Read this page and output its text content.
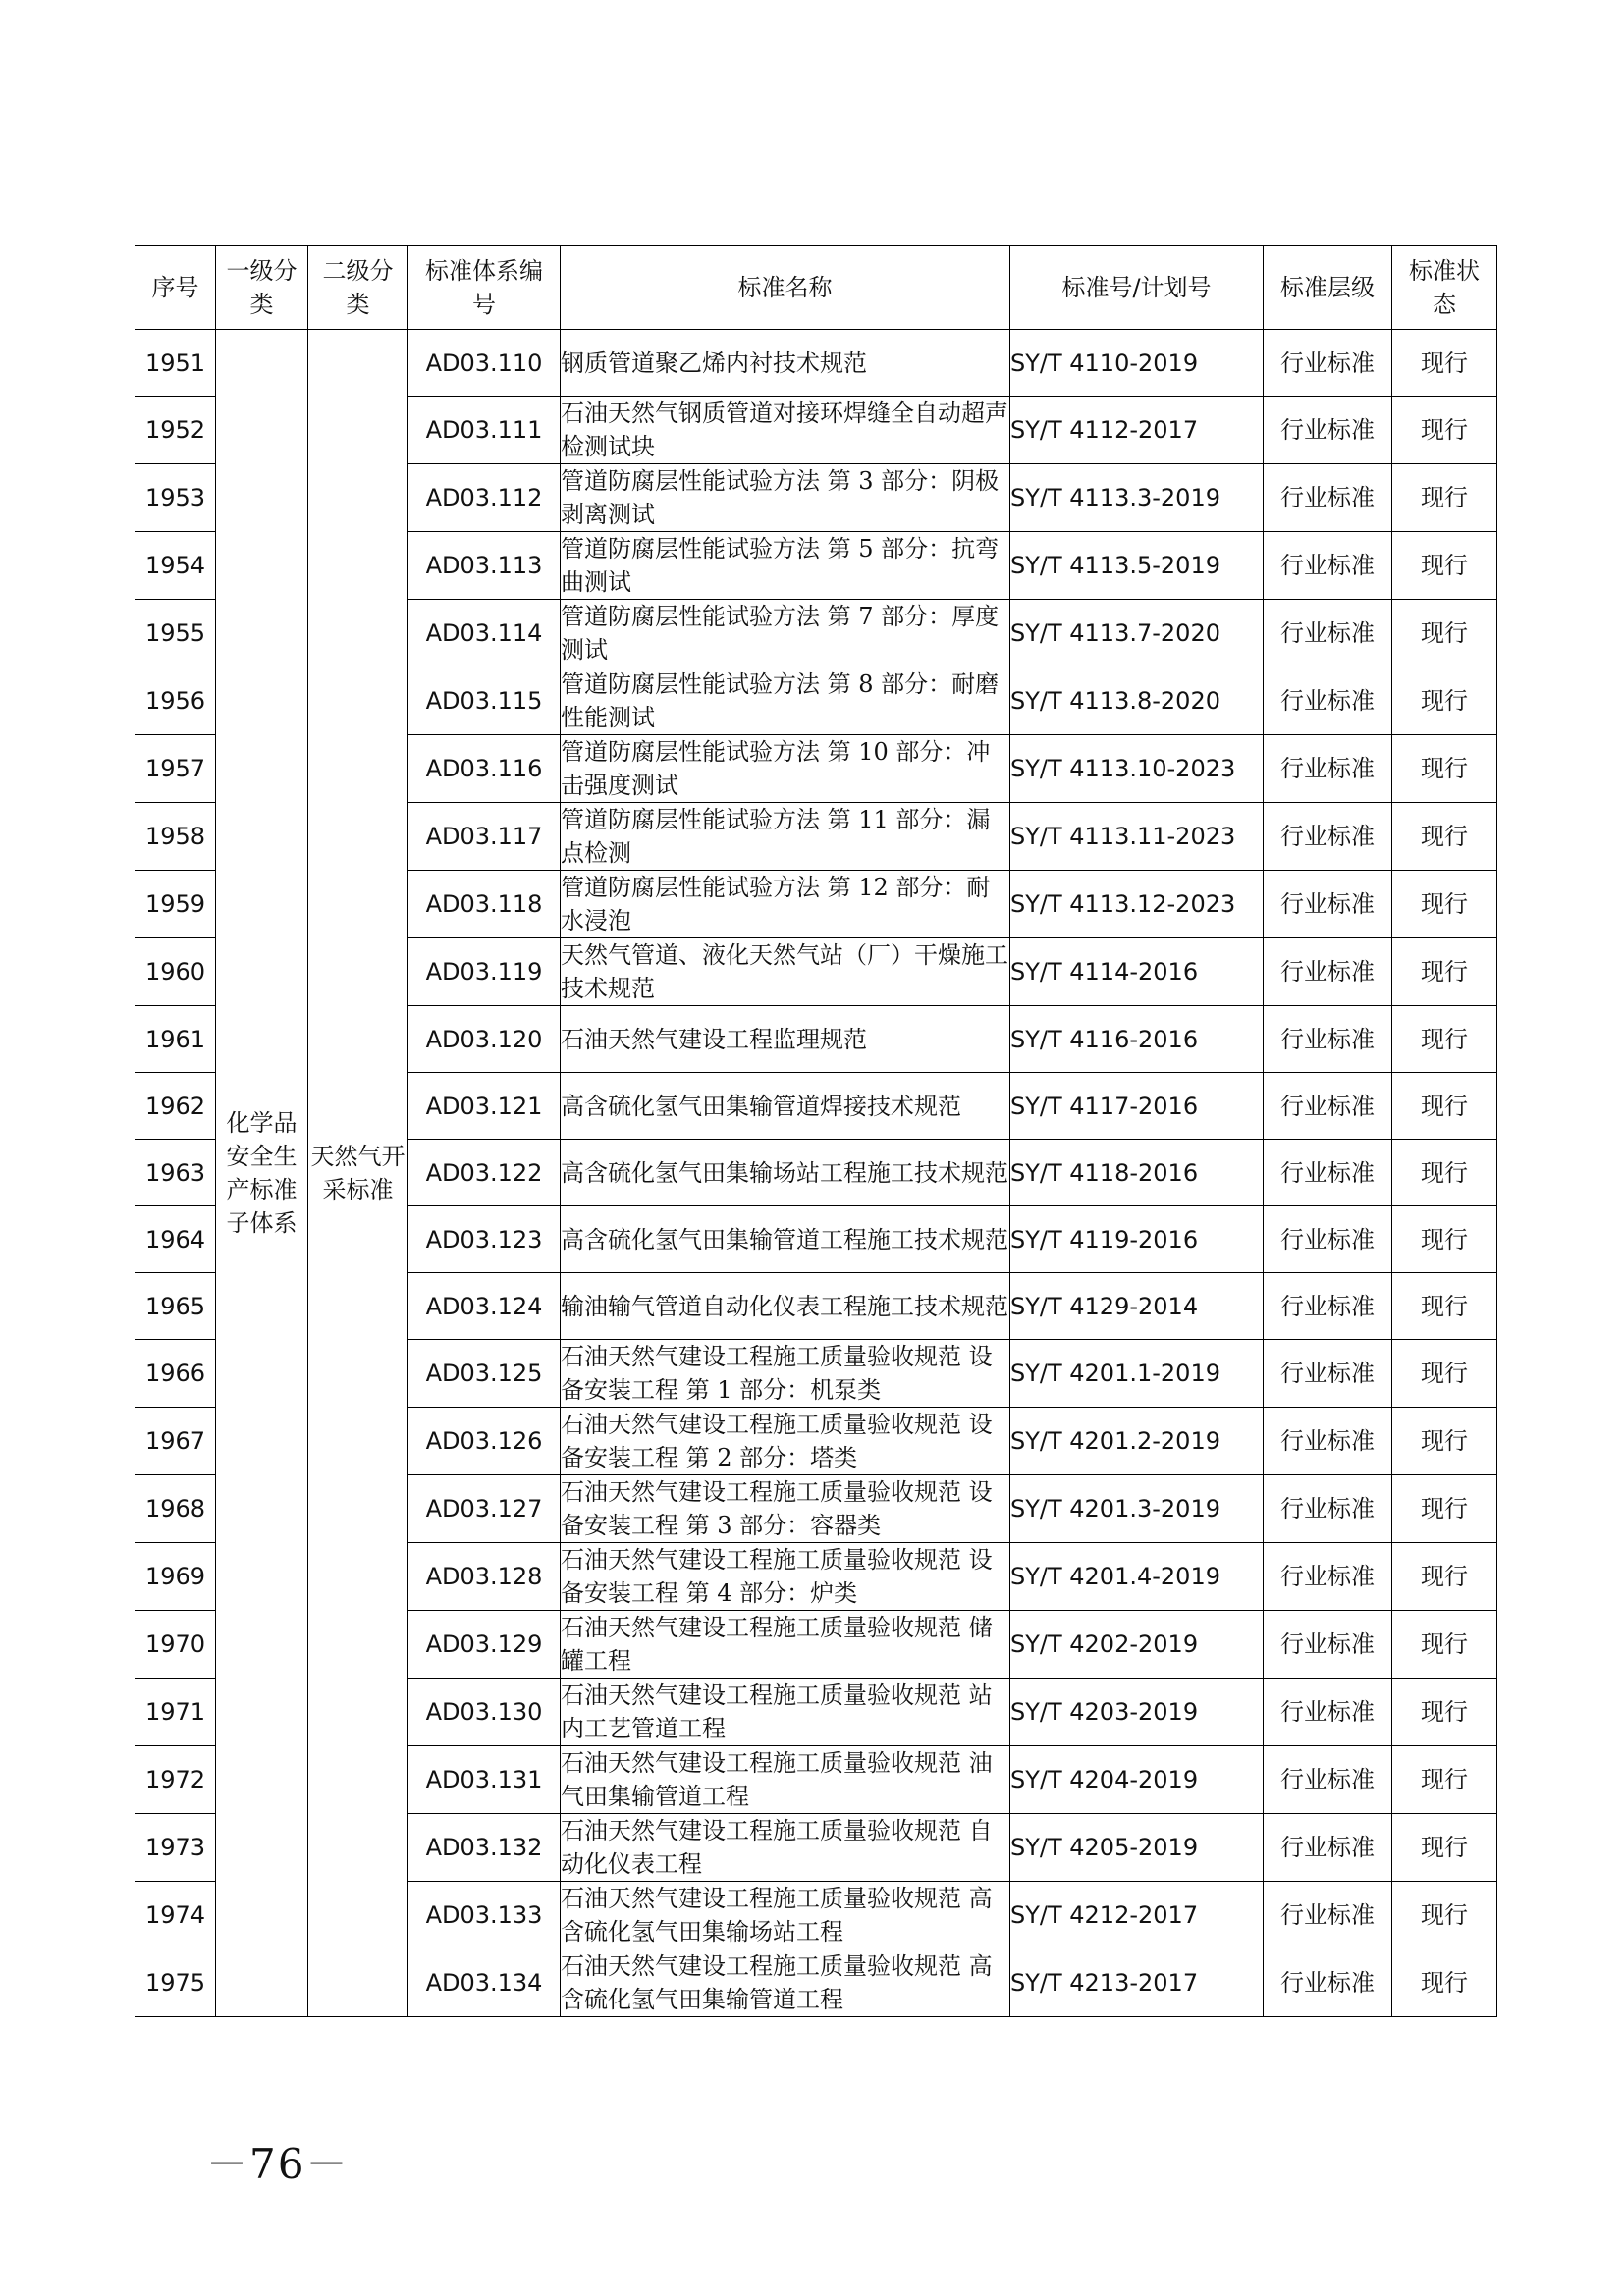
序号	一级分类	二级分类	标准体系编号	标准名称	标准号/计划号	标准层级	标准状态
1951	化学品安全生产标准子体系	天然气开采标准	AD03.110	钢质管道聚乙烯内衬技术规范	SY/T 4110-2019	行业标准	现行
1952			AD03.111	石油天然气钢质管道对接环焊缝全自动超声检测试块	SY/T 4112-2017	行业标准	现行
1953			AD03.112	管道防腐层性能试验方法 第 3 部分：阴极剥离测试	SY/T 4113.3-2019	行业标准	现行
1954			AD03.113	管道防腐层性能试验方法 第 5 部分：抗弯曲测试	SY/T 4113.5-2019	行业标准	现行
1955			AD03.114	管道防腐层性能试验方法 第 7 部分：厚度测试	SY/T 4113.7-2020	行业标准	现行
1956			AD03.115	管道防腐层性能试验方法 第 8 部分：耐磨性能测试	SY/T 4113.8-2020	行业标准	现行
1957			AD03.116	管道防腐层性能试验方法 第 10 部分：冲击强度测试	SY/T 4113.10-2023	行业标准	现行
1958			AD03.117	管道防腐层性能试验方法 第 11 部分：漏点检测	SY/T 4113.11-2023	行业标准	现行
1959			AD03.118	管道防腐层性能试验方法 第 12 部分：耐水浸泡	SY/T 4113.12-2023	行业标准	现行
1960			AD03.119	天然气管道、液化天然气站（厂）干燥施工技术规范	SY/T 4114-2016	行业标准	现行
1961			AD03.120	石油天然气建设工程监理规范	SY/T 4116-2016	行业标准	现行
1962			AD03.121	高含硫化氢气田集输管道焊接技术规范	SY/T 4117-2016	行业标准	现行
1963			AD03.122	高含硫化氢气田集输场站工程施工技术规范	SY/T 4118-2016	行业标准	现行
1964			AD03.123	高含硫化氢气田集输管道工程施工技术规范	SY/T 4119-2016	行业标准	现行
1965			AD03.124	输油输气管道自动化仪表工程施工技术规范	SY/T 4129-2014	行业标准	现行
1966			AD03.125	石油天然气建设工程施工质量验收规范 设备安装工程 第 1 部分：机泵类	SY/T 4201.1-2019	行业标准	现行
1967			AD03.126	石油天然气建设工程施工质量验收规范 设备安装工程 第 2 部分：塔类	SY/T 4201.2-2019	行业标准	现行
1968			AD03.127	石油天然气建设工程施工质量验收规范 设备安装工程 第 3 部分：容器类	SY/T 4201.3-2019	行业标准	现行
1969			AD03.128	石油天然气建设工程施工质量验收规范 设备安装工程 第 4 部分：炉类	SY/T 4201.4-2019	行业标准	现行
1970			AD03.129	石油天然气建设工程施工质量验收规范 储罐工程	SY/T 4202-2019	行业标准	现行
1971			AD03.130	石油天然气建设工程施工质量验收规范 站内工艺管道工程	SY/T 4203-2019	行业标准	现行
1972			AD03.131	石油天然气建设工程施工质量验收规范 油气田集输管道工程	SY/T 4204-2019	行业标准	现行
1973			AD03.132	石油天然气建设工程施工质量验收规范 自动化仪表工程	SY/T 4205-2019	行业标准	现行
1974			AD03.133	石油天然气建设工程施工质量验收规范 高含硫化氢气田集输场站工程	SY/T 4212-2017	行业标准	现行
1975			AD03.134	石油天然气建设工程施工质量验收规范 高含硫化氢气田集输管道工程	SY/T 4213-2017	行业标准	现行
－76－
